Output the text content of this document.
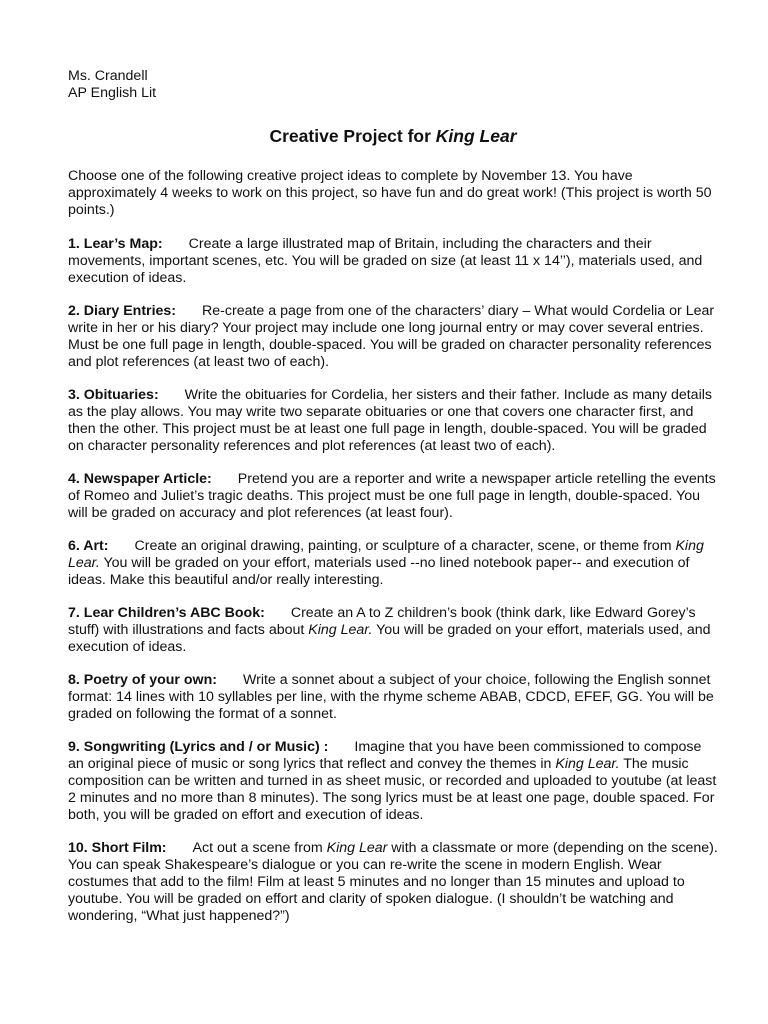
Ms. Crandell

AP English Lit

Creative Project for King Lear

Choose one of the following creative project ideas to complete by November 13. You have approximately 4 weeks to work on this project, so have fun and do great work! (This project is worth 50 points.)

1. Lear’s Map: Create a large illustrated map of Britain, including the characters and their movements, important scenes, etc. You will be graded on size (at least 11 x 14’’), materials used, and execution of ideas.

2. Diary Entries: Re-create a page from one of the characters’ diary – What would Cordelia or Lear write in her or his diary? Your project may include one long journal entry or may cover several entries. Must be one full page in length, double-spaced. You will be graded on character personality references and plot references (at least two of each).

3. Obituaries: Write the obituaries for Cordelia, her sisters and their father. Include as many details as the play allows. You may write two separate obituaries or one that covers one character first, and then the other. This project must be at least one full page in length, double-spaced. You will be graded on character personality references and plot references (at least two of each).

4. Newspaper Article: Pretend you are a reporter and write a newspaper article retelling the events of Romeo and Juliet’s tragic deaths. This project must be one full page in length, double-spaced. You will be graded on accuracy and plot references (at least four).

6. Art: Create an original drawing, painting, or sculpture of a character, scene, or theme from King Lear. You will be graded on your effort, materials used --no lined notebook paper-- and execution of ideas. Make this beautiful and/or really interesting.

7. Lear Children’s ABC Book: Create an A to Z children’s book (think dark, like Edward Gorey’s stuff) with illustrations and facts about King Lear. You will be graded on your effort, materials used, and execution of ideas.

8. Poetry of your own: Write a sonnet about a subject of your choice, following the English sonnet format: 14 lines with 10 syllables per line, with the rhyme scheme ABAB, CDCD, EFEF, GG. You will be graded on following the format of a sonnet.

9. Songwriting (Lyrics and / or Music) : Imagine that you have been commissioned to compose an original piece of music or song lyrics that reflect and convey the themes in King Lear. The music composition can be written and turned in as sheet music, or recorded and uploaded to youtube (at least 2 minutes and no more than 8 minutes). The song lyrics must be at least one page, double spaced. For both, you will be graded on effort and execution of ideas.

10. Short Film: Act out a scene from King Lear with a classmate or more (depending on the scene). You can speak Shakespeare’s dialogue or you can re-write the scene in modern English. Wear costumes that add to the film! Film at least 5 minutes and no longer than 15 minutes and upload to youtube. You will be graded on effort and clarity of spoken dialogue. (I shouldn’t be watching and wondering, “What just happened?”)
